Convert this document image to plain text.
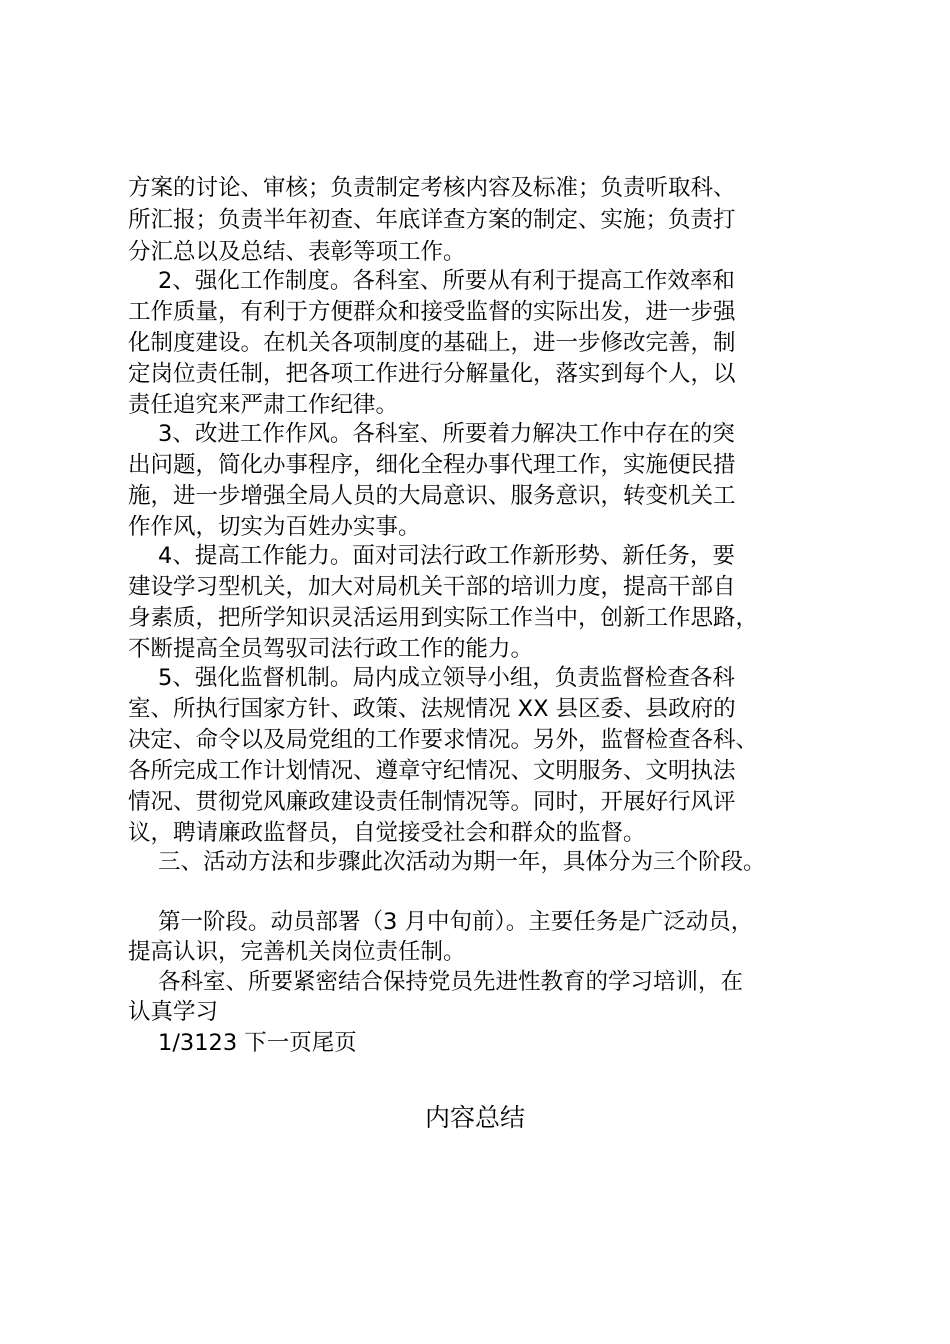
方案的讨论、审核；负责制定考核内容及标准；负责听取科、
所汇报；负责半年初查、年底详查方案的制定、实施；负责打
分汇总以及总结、表彰等项工作。
2、强化工作制度。各科室、所要从有利于提高工作效率和
工作质量，有利于方便群众和接受监督的实际出发，进一步强
化制度建设。在机关各项制度的基础上，进一步修改完善，制
定岗位责任制，把各项工作进行分解量化，落实到每个人，以
责任追究来严肃工作纪律。
3、改进工作作风。各科室、所要着力解决工作中存在的突
出问题，简化办事程序，细化全程办事代理工作，实施便民措
施，进一步增强全局人员的大局意识、服务意识，转变机关工
作作风，切实为百姓办实事。
4、提高工作能力。面对司法行政工作新形势、新任务，要
建设学习型机关，加大对局机关干部的培训力度，提高干部自
身素质，把所学知识灵活运用到实际工作当中，创新工作思路，
不断提高全员驾驭司法行政工作的能力。
5、强化监督机制。局内成立领导小组，负责监督检查各科
室、所执行国家方针、政策、法规情况 XX 县区委、县政府的
决定、命令以及局党组的工作要求情况。另外，监督检查各科、
各所完成工作计划情况、遵章守纪情况、文明服务、文明执法
情况、贯彻党风廉政建设责任制情况等。同时，开展好行风评
议，聘请廉政监督员，自觉接受社会和群众的监督。
三、活动方法和步骤此次活动为期一年，具体分为三个阶段。
第一阶段。动员部署（3 月中旬前）。主要任务是广泛动员，
提高认识，完善机关岗位责任制。
各科室、所要紧密结合保持党员先进性教育的学习培训，在
认真学习
1/3123 下一页尾页
内容总结
